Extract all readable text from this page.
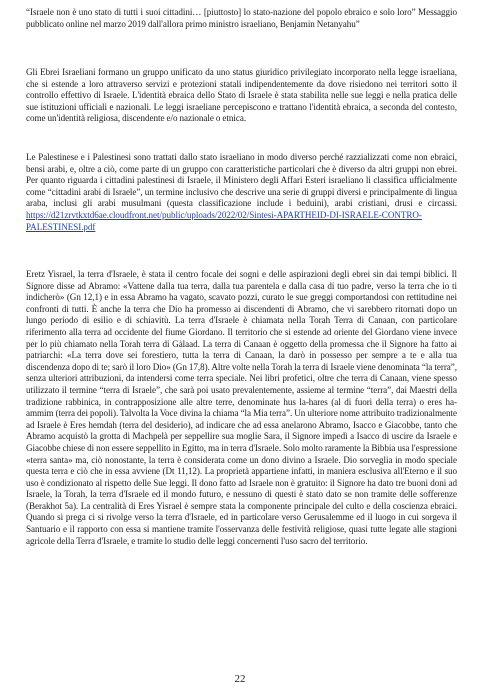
“Israele non è uno stato di tutti i suoi cittadini… [piuttosto] lo stato-nazione del popolo ebraico e solo loro” Messaggio pubblicato online nel marzo 2019 dall'allora primo ministro israeliano, Benjamin Netanyahu”

Gli Ebrei Israeliani formano un gruppo unificato da uno status giuridico privilegiato incorporato nella legge israeliana, che si estende a loro attraverso servizi e protezioni statali indipendentemente da dove risiedono nei territori sotto il controllo effettivo di Israele. L'identità ebraica dello Stato di Israele è stata stabilita nelle sue leggi e nella pratica delle sue istituzioni ufficiali e nazionali. Le leggi israeliane percepiscono e trattano l'identità ebraica, a seconda del contesto, come un'identità religiosa, discendente e/o nazionale o etnica.

Le Palestinese e i Palestinesi sono trattati dallo stato israeliano in modo diverso perché razzializzati come non ebraici, bensì arabi, e, oltre a ciò, come parte di un gruppo con caratteristiche particolari che è diverso da altri gruppi non ebrei. Per quanto riguarda i cittadini palestinesi di Israele, il Ministero degli Affari Esteri israeliano li classifica ufficialmente come “cittadini arabi di Israele”, un termine inclusivo che descrive una serie di gruppi diversi e principalmente di lingua araba, inclusi gli arabi musulmani (questa classificazione include i beduini), arabi cristiani, drusi e circassi. https://d21zrvtkxtd6ae.cloudfront.net/public/uploads/2022/02/Sintesi-APARTHEID-DI-ISRAELE-CONTRO-PALESTINESI.pdf

Eretz Yisrael, la terra d'Israele, è stata il centro focale dei sogni e delle aspirazioni degli ebrei sin dai tempi biblici. Il Signore disse ad Abramo: «Vattene dalla tua terra, dalla tua parentela e dalla casa di tuo padre, verso la terra che io ti indicherò» (Gn 12,1) e in essa Abramo ha vagato, scavato pozzi, curato le sue greggi comportandosi con rettitudine nei confronti di tutti. È anche la terra che Dio ha promesso ai discendenti di Abramo, che vi sarebbero ritornati dopo un lungo periodo di esilio e di schiavitù. La terra d'Israele è chiamata nella Torah Terra di Canaan, con particolare riferimento alla terra ad occidente del fiume Giordano. Il territorio che si estende ad oriente del Giordano viene invece per lo più chiamato nella Torah terra di Gàlaad. La terra di Canaan è oggetto della promessa che il Signore ha fatto ai patriarchi: «La terra dove sei forestiero, tutta la terra di Canaan, la darò in possesso per sempre a te e alla tua discendenza dopo di te; sarò il loro Dio» (Gn 17,8). Altre volte nella Torah la terra di Israele viene denominata “la terra”, senza ulteriori attribuzioni, da intendersi come terra speciale. Nei libri profetici, oltre che terra di Canaan, viene spesso utilizzato il termine “terra di Israele”, che sarà poi usato prevalentemente, assieme al termine “terra”, dai Maestri della tradizione rabbinica, in contrapposizione alle altre terre, denominate hus la-hares (al di fuori della terra) o eres ha-ammim (terra dei popoli). Talvolta la Voce divina la chiama “la Mia terra”. Un ulteriore nome attribuito tradizionalmente ad Israele è Eres hemdah (terra del desiderio), ad indicare che ad essa anelarono Abramo, Isacco e Giacobbe, tanto che Abramo acquistò la grotta di Machpelà per seppellire sua moglie Sara, il Signore impedì a Isacco di uscire da Israele e Giacobbe chiese di non essere seppellito in Egitto, ma in terra d'Israele. Solo molto raramente la Bibbia usa l'espressione «terra santa» ma, ciò nonostante, la terra è considerata come un dono divino a Israele. Dio sorveglia in modo speciale questa terra e ciò che in essa avviene (Dt 11,12). La proprietà appartiene infatti, in maniera esclusiva all'Eterno e il suo uso è condizionato al rispetto delle Sue leggi. Il dono fatto ad Israele non è gratuito: il Signore ha dato tre buoni doni ad Israele, la Torah, la terra d'Israele ed il mondo futuro, e nessuno di questi è stato dato se non tramite delle sofferenze (Berakhot 5a). La centralità di Eres Yisrael è sempre stata la componente principale del culto e della coscienza ebraici. Quando si prega ci si rivolge verso la terra d'Israele, ed in particolare verso Gerusalemme ed il luogo in cui sorgeva il Santuario e il rapporto con essa si mantiene tramite l'osservanza delle festività religiose, quasi tutte legate alle stagioni agricole della Terra d'Israele, e tramite lo studio delle leggi concernenti l'uso sacro del territorio.

22
